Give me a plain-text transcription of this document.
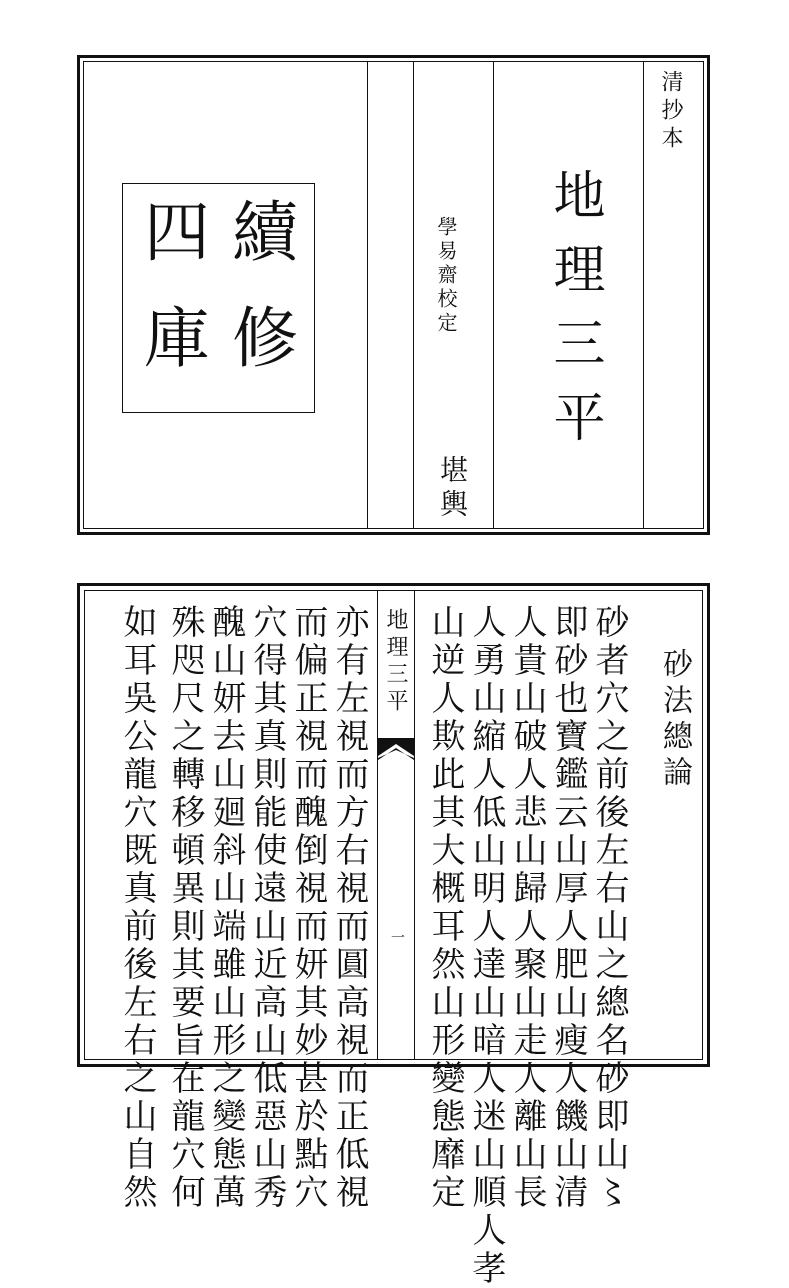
清抄本
地理三平
學易齋校定
堪輿
續
修
四
庫
地理三平
一
砂法總論
砂者穴之前後左右山之總名砂即山〻
即砂也寶鑑云山厚人肥山瘦人饑山清
人貴山破人悲山歸人聚山走人離山長
人勇山縮人低山明人達山暗人迷山順人孝
山逆人欺此其大概耳然山形變態靡定
亦有左視而方右視而圓高視而正低視
而偏正視而醜倒視而妍其妙甚於點穴
穴得其真則能使遠山近高山低惡山秀
醜山妍去山廻斜山端雖山形之變態萬
殊咫尺之轉移頓異則其要旨在龍穴何
如耳吳公龍穴既真前後左右之山自然
